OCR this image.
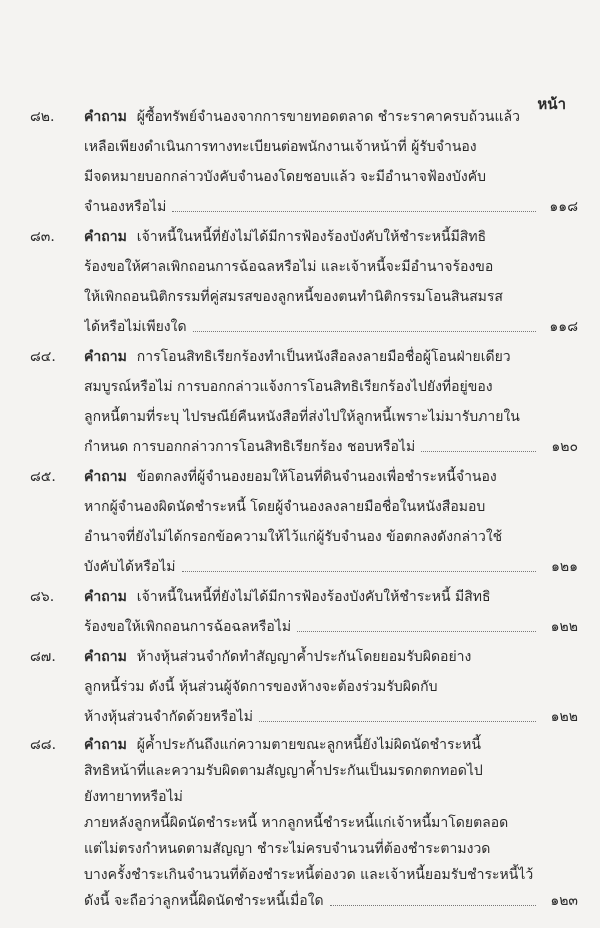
หน้า
๘๒.	คำถาม ผู้ซื้อทรัพย์จำนองจากการขายทอดตลาด ชำระราคาครบถ้วนแล้ว
เหลือเพียงดำเนินการทางทะเบียนต่อพนักงานเจ้าหน้าที่ ผู้รับจำนอง
มีจดหมายบอกกล่าวบังคับจำนองโดยชอบแล้ว จะมีอำนาจฟ้องบังคับ
จำนองหรือไม่	๑๑๘
๘๓.	คำถาม เจ้าหนี้ในหนี้ที่ยังไม่ได้มีการฟ้องร้องบังคับให้ชำระหนี้มีสิทธิ
ร้องขอให้ศาลเพิกถอนการฉ้อฉลหรือไม่ และเจ้าหนี้จะมีอำนาจร้องขอ
ให้เพิกถอนนิติกรรมที่คู่สมรสของลูกหนี้ของตนทำนิติกรรมโอนสินสมรส
ได้หรือไม่เพียงใด	๑๑๘
๘๔.	คำถาม การโอนสิทธิเรียกร้องทำเป็นหนังสือลงลายมือชื่อผู้โอนฝ่ายเดียว
สมบูรณ์หรือไม่ การบอกกล่าวแจ้งการโอนสิทธิเรียกร้องไปยังที่อยู่ของ
ลูกหนี้ตามที่ระบุ ไปรษณีย์คืนหนังสือที่ส่งไปให้ลูกหนี้เพราะไม่มารับภายใน
กำหนด การบอกกล่าวการโอนสิทธิเรียกร้อง ชอบหรือไม่	๑๒๐
๘๕.	คำถาม ข้อตกลงที่ผู้จำนองยอมให้โอนที่ดินจำนองเพื่อชำระหนี้จำนอง
หากผู้จำนองผิดนัดชำระหนี้ โดยผู้จำนองลงลายมือชื่อในหนังสือมอบ
อำนาจที่ยังไม่ได้กรอกข้อความให้ไว้แก่ผู้รับจำนอง ข้อตกลงดังกล่าวใช้
บังคับได้หรือไม่	๑๒๑
๘๖.	คำถาม เจ้าหนี้ในหนี้ที่ยังไม่ได้มีการฟ้องร้องบังคับให้ชำระหนี้ มีสิทธิ
ร้องขอให้เพิกถอนการฉ้อฉลหรือไม่	๑๒๒
๘๗.	คำถาม ห้างหุ้นส่วนจำกัดทำสัญญาค้ำประกันโดยยอมรับผิดอย่าง
ลูกหนี้ร่วม ดังนี้ หุ้นส่วนผู้จัดการของห้างจะต้องร่วมรับผิดกับ
ห้างหุ้นส่วนจำกัดด้วยหรือไม่	๑๒๒
๘๘.	คำถาม ผู้ค้ำประกันถึงแก่ความตายขณะลูกหนี้ยังไม่ผิดนัดชำระหนี้
สิทธิหน้าที่และความรับผิดตามสัญญาค้ำประกันเป็นมรดกตกทอดไป
ยังทายาทหรือไม่
ภายหลังลูกหนี้ผิดนัดชำระหนี้ หากลูกหนี้ชำระหนี้แก่เจ้าหนี้มาโดยตลอด
แต่ไม่ตรงกำหนดตามสัญญา ชำระไม่ครบจำนวนที่ต้องชำระตามงวด
บางครั้งชำระเกินจำนวนที่ต้องชำระหนี้ต่องวด และเจ้าหนี้ยอมรับชำระหนี้ไว้
ดังนี้ จะถือว่าลูกหนี้ผิดนัดชำระหนี้เมื่อใด	๑๒๓
